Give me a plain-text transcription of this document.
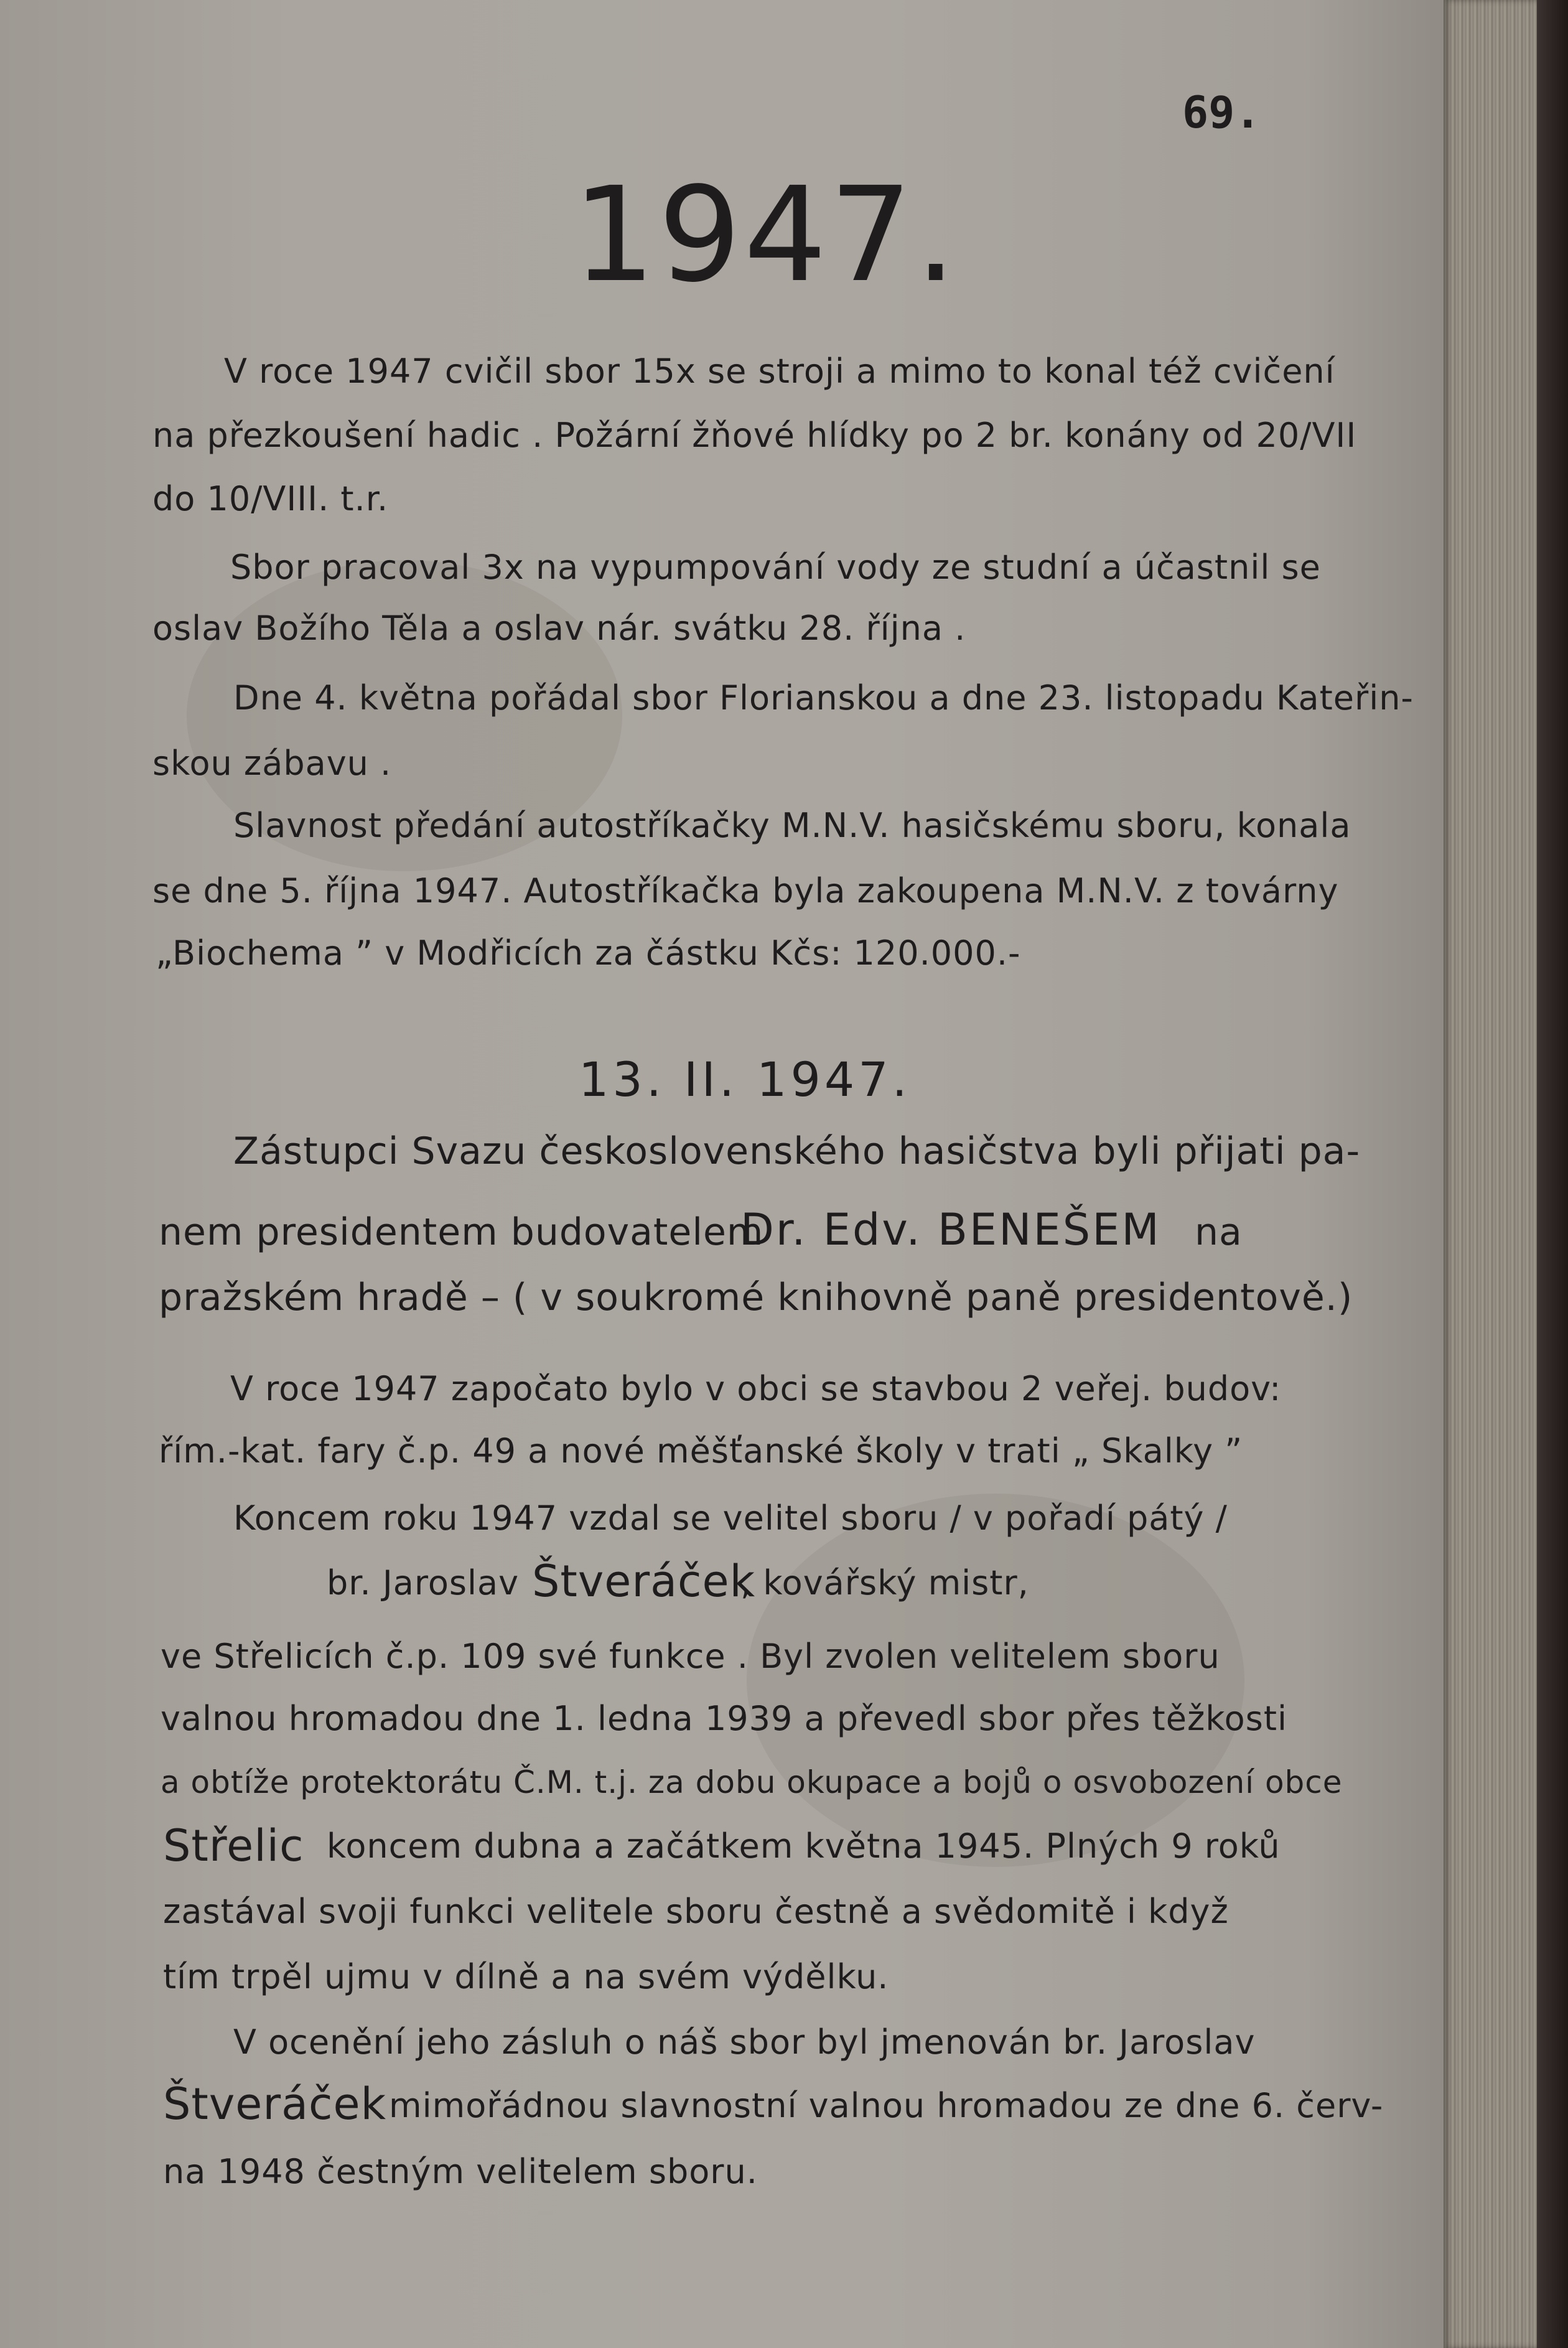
69.
1947.
V roce 1947 cvičil sbor 15x se stroji a mimo to konal též cvičení
na přezkoušení hadic . Požární žňové hlídky po 2 br. konány od 20/VII
do 10/VIII. t.r.
Sbor pracoval 3x na vypumpování vody ze studní a účastnil se
oslav Božího Těla a oslav nár. svátku 28. října .
Dne 4. května pořádal sbor Florianskou a dne 23. listopadu Kateřin-
skou zábavu .
Slavnost předání autostříkačky M.N.V. hasičskému sboru, konala
se dne 5. října 1947. Autostříkačka byla zakoupena M.N.V. z továrny
„Biochema ” v Modřicích za částku Kčs: 120.000.-
13. II. 1947.
Zástupci Svazu československého hasičstva byli přijati pa-
nem presidentem budovatelem
Dr. Edv. BENEŠEM na
pražském hradě – ( v soukromé knihovně paně presidentově.)
V roce 1947 započato bylo v obci se stavbou 2 veřej. budov:
řím.-kat. fary č.p. 49 a nové měšťanské školy v trati „ Skalky ”
Koncem roku 1947 vzdal se velitel sboru / v pořadí pátý /
br. Jaroslav Štveráček
, kovářský mistr,
ve Střelicích č.p. 109 své funkce . Byl zvolen velitelem sboru
valnou hromadou dne 1. ledna 1939 a převedl sbor přes těžkosti
a obtíže protektorátu Č.M. t.j. za dobu okupace a bojů o osvobození obce
Střelic koncem dubna a začátkem května 1945. Plných 9 roků
zastával svoji funkci velitele sboru čestně a svědomitě i když
tím trpěl ujmu v dílně a na svém výdělku.
V ocenění jeho zásluh o náš sbor byl jmenován br. Jaroslav
Štveráček mimořádnou slavnostní valnou hromadou ze dne 6. červ-
na 1948 čestným velitelem sboru.
